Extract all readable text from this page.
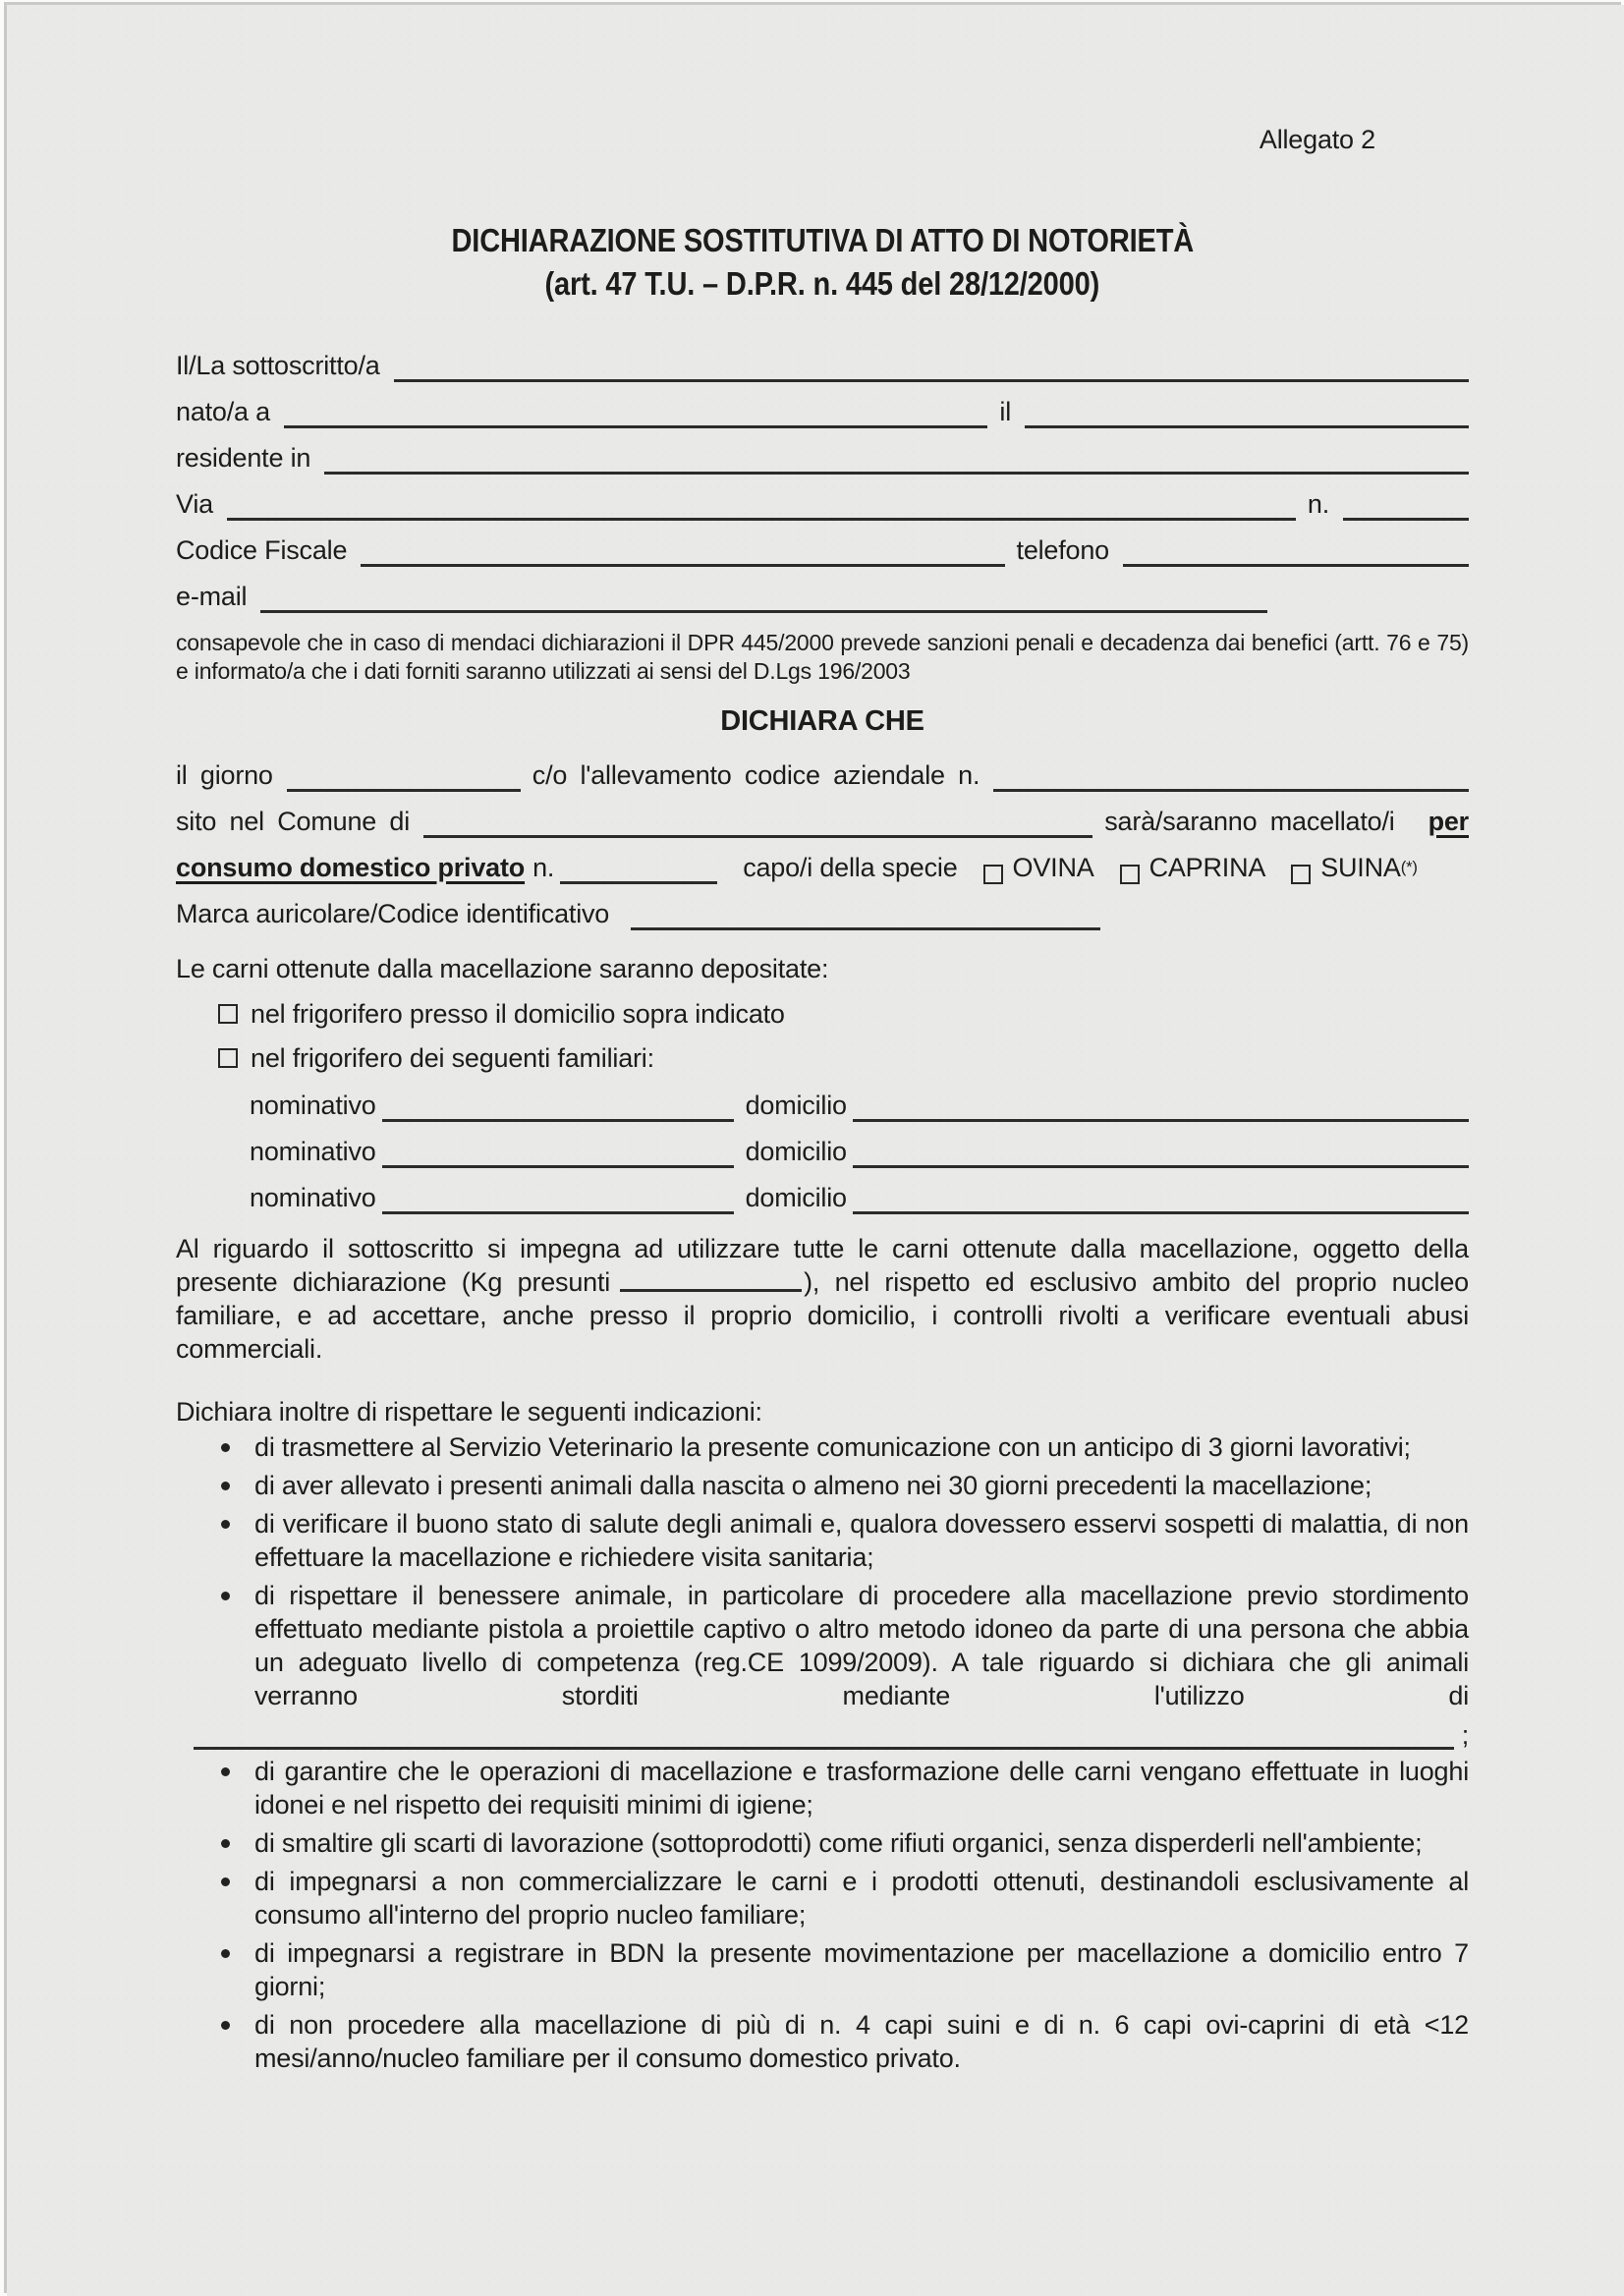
Allegato 2
DICHIARAZIONE SOSTITUTIVA DI ATTO DI NOTORIETÀ
(art. 47 T.U. – D.P.R. n. 445 del 28/12/2000)
Il/La sottoscritto/a
nato/a a	il
residente in
Via	n.
Codice Fiscale	telefono
e-mail

consapevole che in caso di mendaci dichiarazioni il DPR 445/2000 prevede sanzioni penali e decadenza dai benefici (artt. 76 e 75) e informato/a che i dati forniti saranno utilizzati ai sensi del D.Lgs 196/2003

DICHIARA CHE
il giorno	c/o l'allevamento codice aziendale n.
sito nel Comune di	sarà/saranno macellato/i per
consumo domestico privato n.	capo/i della specie OVINA CAPRINA SUINA (*)
Marca auricolare/Codice identificativo
Le carni ottenute dalla macellazione saranno depositate:
nel frigorifero presso il domicilio sopra indicato
nel frigorifero dei seguenti familiari:
nominativo	domicilio
nominativo	domicilio
nominativo	domicilio

Al riguardo il sottoscritto si impegna ad utilizzare tutte le carni ottenute dalla macellazione, oggetto della presente dichiarazione (Kg presunti	), nel rispetto ed esclusivo ambito del proprio nucleo familiare, e ad accettare, anche presso il proprio domicilio, i controlli rivolti a verificare eventuali abusi commerciali.

Dichiara inoltre di rispettare le seguenti indicazioni:

di trasmettere al Servizio Veterinario la presente comunicazione con un anticipo di 3 giorni lavorativi;

di aver allevato i presenti animali dalla nascita o almeno nei 30 giorni precedenti la macellazione;

di verificare il buono stato di salute degli animali e, qualora dovessero esservi sospetti di malattia, di non effettuare la macellazione e richiedere visita sanitaria;

di rispettare il benessere animale, in particolare di procedere alla macellazione previo stordimento effettuato mediante pistola a proiettile captivo o altro metodo idoneo da parte di una persona che abbia un adeguato livello di competenza (reg.CE 1099/2009). A tale riguardo si dichiara che gli animali verranno storditi mediante l'utilizzo di

;

di garantire che le operazioni di macellazione e trasformazione delle carni vengano effettuate in luoghi idonei e nel rispetto dei requisiti minimi di igiene;

di smaltire gli scarti di lavorazione (sottoprodotti) come rifiuti organici, senza disperderli nell'ambiente;

di impegnarsi a non commercializzare le carni e i prodotti ottenuti, destinandoli esclusivamente al consumo all'interno del proprio nucleo familiare;

di impegnarsi a registrare in BDN la presente movimentazione per macellazione a domicilio entro 7 giorni;

di non procedere alla macellazione di più di n. 4 capi suini e di n. 6 capi ovi-caprini di età <12 mesi/anno/nucleo familiare per il consumo domestico privato.
